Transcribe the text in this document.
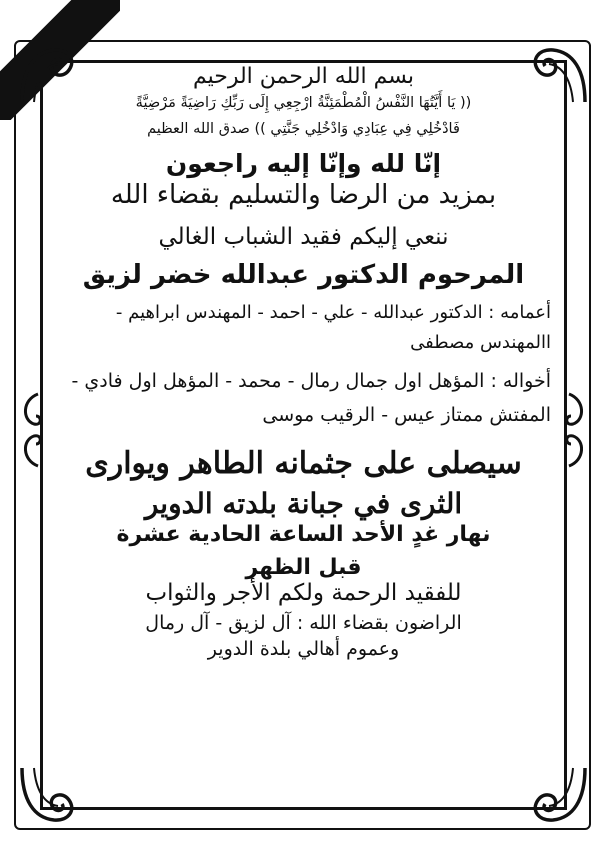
بسم الله الرحمن الرحيم
(( يَا أَيَّتُهَا النَّفْسُ الْمُطْمَئِنَّةُ ارْجِعِي إِلَى رَبِّكِ رَاضِيَةً مَرْضِيَّةً
فَادْخُلِي فِي عِبَادِي وَادْخُلِي جَنَّتِي )) صدق الله العظيم
إنّا لله وإنّا إليه راجعون
بمزيد من الرضا والتسليم بقضاء الله
ننعي إليكم فقيد الشباب الغالي
المرحوم الدكتور عبدالله خضر لزيق
أعمامه : الدكتور عبدالله - علي - احمد - المهندس ابراهيم - االمهندس مصطفى
أخواله : المؤهل اول جمال رمال - محمد - المؤهل اول فادي - المفتش ممتاز عيس - الرقيب موسى
سيصلى على جثمانه الطاهر ويوارى
الثرى في جبانة بلدته الدوير
نهار غدٍ الأحد الساعة الحادية عشرة
قبل الظهر
للفقيد الرحمة ولكم الأجر والثواب
الراضون بقضاء الله : آل لزيق - آل رمال
وعموم أهالي بلدة الدوير
